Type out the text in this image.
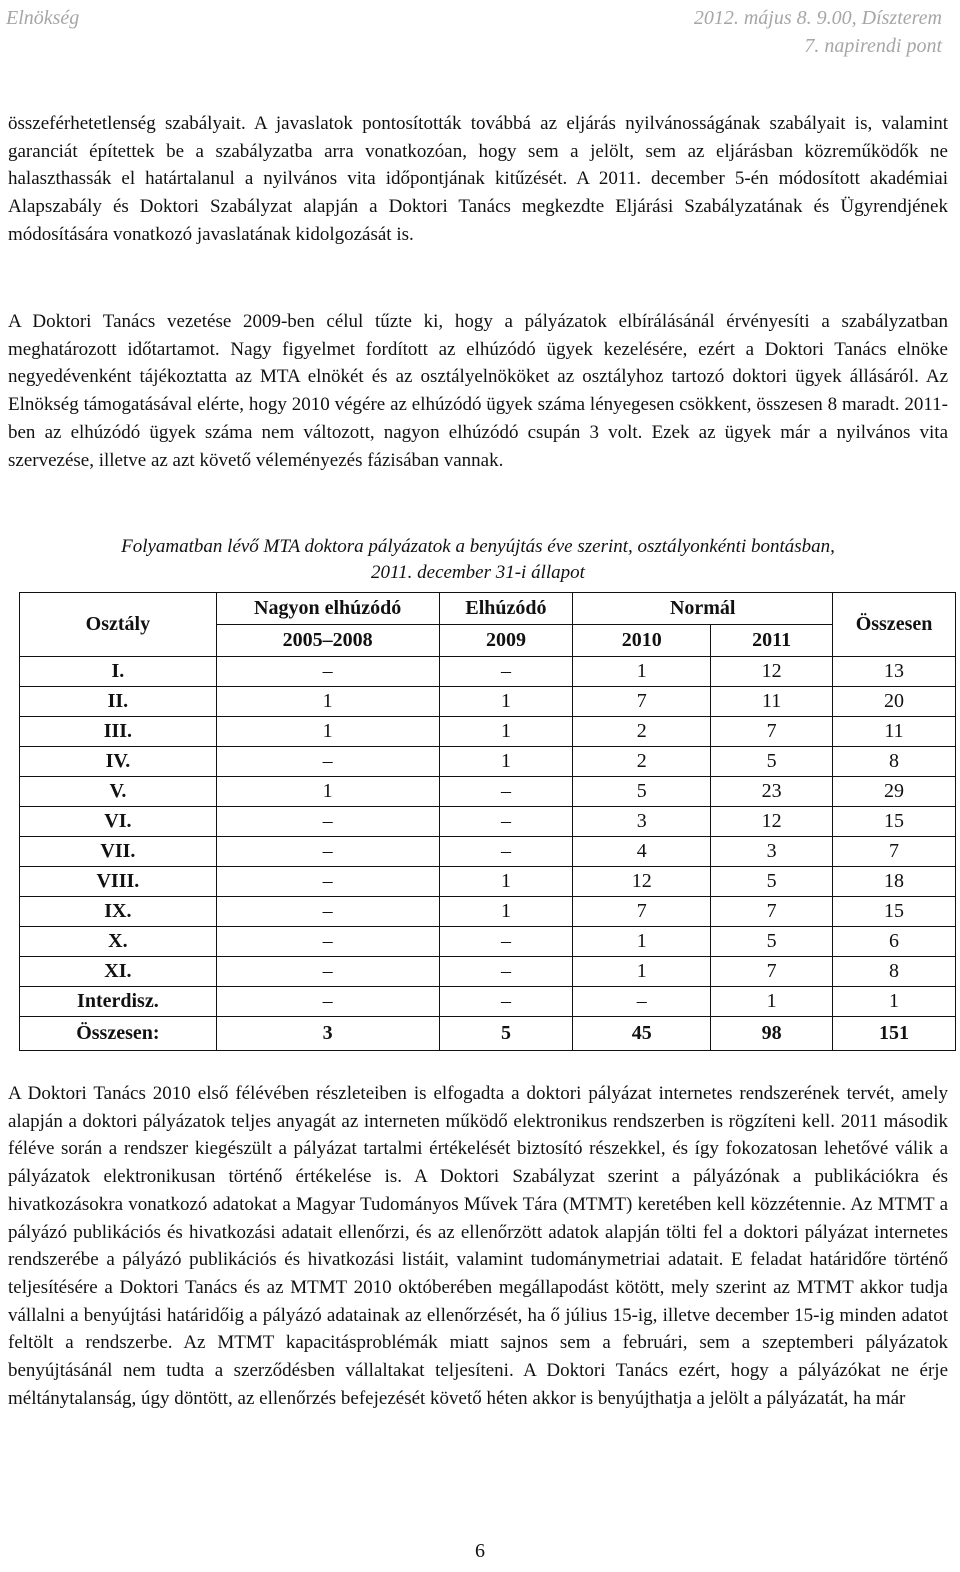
Elnökség	2012. május 8. 9.00, Díszterem
7. napirendi pont

összeférhetetlenség szabályait. A javaslatok pontosították továbbá az eljárás nyilvánosságának szabályait is, valamint garanciát építettek be a szabályzatba arra vonatkozóan, hogy sem a jelölt, sem az eljárásban közreműködők ne halaszthassák el határtalanul a nyilvános vita időpontjának kitűzését. A 2011. december 5-én módosított akadémiai Alapszabály és Doktori Szabályzat alapján a Doktori Tanács megkezdte Eljárási Szabályzatának és Ügyrendjének módosítására vonatkozó javaslatának kidolgozását is.

A Doktori Tanács vezetése 2009-ben célul tűzte ki, hogy a pályázatok elbírálásánál érvényesíti a szabályzatban meghatározott időtartamot. Nagy figyelmet fordított az elhúzódó ügyek kezelésére, ezért a Doktori Tanács elnöke negyedévenként tájékoztatta az MTA elnökét és az osztályelnököket az osztályhoz tartozó doktori ügyek állásáról. Az Elnökség támogatásával elérte, hogy 2010 végére az elhúzódó ügyek száma lényegesen csökkent, összesen 8 maradt. 2011-ben az elhúzódó ügyek száma nem változott, nagyon elhúzódó csupán 3 volt. Ezek az ügyek már a nyilvános vita szervezése, illetve az azt követő véleményezés fázisában vannak.

Folyamatban lévő MTA doktora pályázatok a benyújtás éve szerint, osztályonkénti bontásban,
2011. december 31-i állapot
Osztály	Nagyon elhúzódó	Elhúzódó	Normál		Összesen
	2005–2008	2009	2010	2011	
I.	–	–	1	12	13
II.	1	1	7	11	20
III.	1	1	2	7	11
IV.	–	1	2	5	8
V.	1	–	5	23	29
VI.	–	–	3	12	15
VII.	–	–	4	3	7
VIII.	–	1	12	5	18
IX.	–	1	7	7	15
X.	–	–	1	5	6
XI.	–	–	1	7	8
Interdisz.	–	–	–	1	1
Összesen:	3	5	45	98	151

A Doktori Tanács 2010 első félévében részleteiben is elfogadta a doktori pályázat internetes rendszerének tervét, amely alapján a doktori pályázatok teljes anyagát az interneten működő elektronikus rendszerben is rögzíteni kell. 2011 második féléve során a rendszer kiegészült a pályázat tartalmi értékelését biztosító részekkel, és így fokozatosan lehetővé válik a pályázatok elektronikusan történő értékelése is. A Doktori Szabályzat szerint a pályázónak a publikációkra és hivatkozásokra vonatkozó adatokat a Magyar Tudományos Művek Tára (MTMT) keretében kell közzétennie. Az MTMT a pályázó publikációs és hivatkozási adatait ellenőrzi, és az ellenőrzött adatok alapján tölti fel a doktori pályázat internetes rendszerébe a pályázó publikációs és hivatkozási listáit, valamint tudománymetriai adatait. E feladat határidőre történő teljesítésére a Doktori Tanács és az MTMT 2010 októberében megállapodást kötött, mely szerint az MTMT akkor tudja vállalni a benyújtási határidőig a pályázó adatainak az ellenőrzését, ha ő július 15-ig, illetve december 15-ig minden adatot feltölt a rendszerbe. Az MTMT kapacitásproblémák miatt sajnos sem a februári, sem a szeptemberi pályázatok benyújtásánál nem tudta a szerződésben vállaltakat teljesíteni. A Doktori Tanács ezért, hogy a pályázókat ne érje méltánytalanság, úgy döntött, az ellenőrzés befejezését követő héten akkor is benyújthatja a jelölt a pályázatát, ha már

6
